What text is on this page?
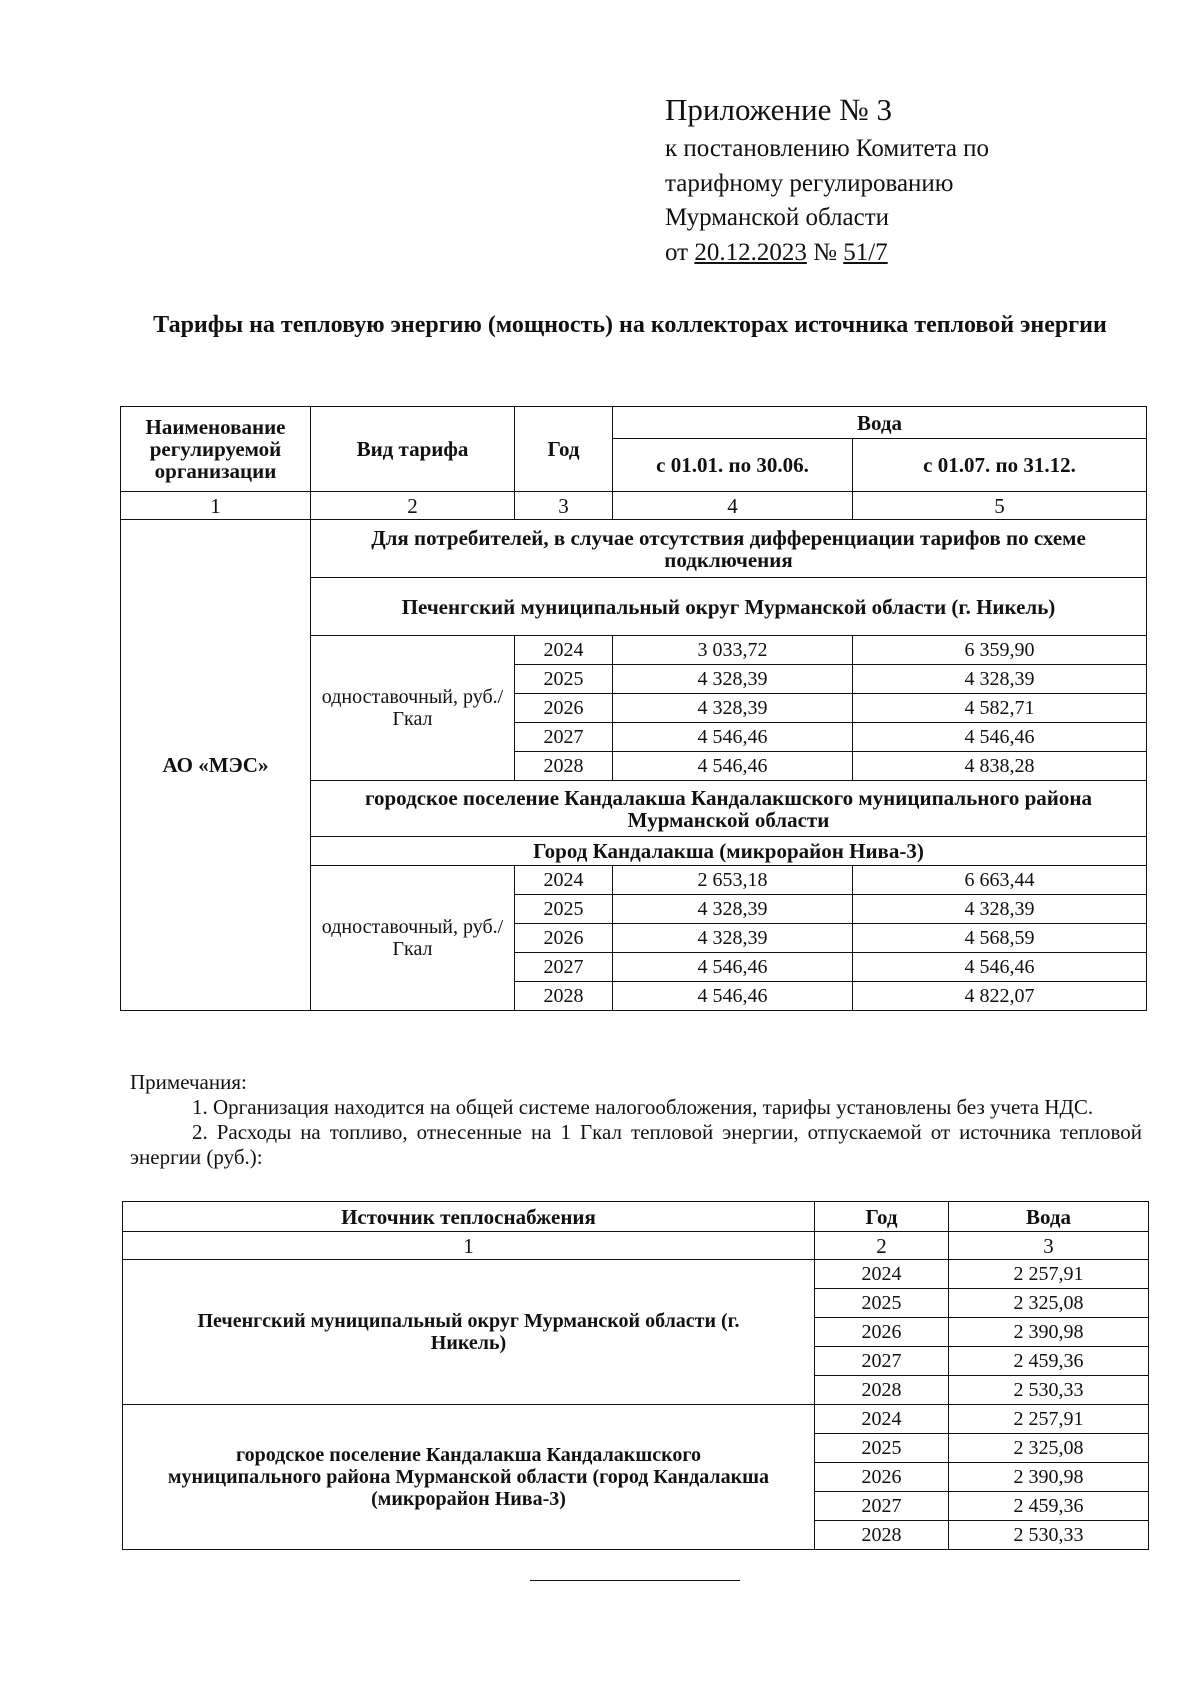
Приложение № 3
к постановлению Комитета по
тарифному регулированию
Мурманской области
от 20.12.2023 № 51/7
Тарифы на тепловую энергию (мощность) на коллекторах источника тепловой энергии
Наименование регулируемой организации	Вид тарифа	Год	Вода	
			с 01.01. по 30.06.	с 01.07. по 31.12.
1	2	3	4	5
АО «МЭС»	Для потребителей, в случае отсутствия дифференциации тарифов по схеме подключения			
	Печенгский муниципальный округ Мурманской области (г. Никель)			
	одноставочный, руб./Гкал	2024	3 033,72	6 359,90
		2025	4 328,39	4 328,39
		2026	4 328,39	4 582,71
		2027	4 546,46	4 546,46
		2028	4 546,46	4 838,28
	городское поселение Кандалакша Кандалакшского муниципального района Мурманской области			
	Город Кандалакша (микрорайон Нива-3)			
	одноставочный, руб./Гкал	2024	2 653,18	6 663,44
		2025	4 328,39	4 328,39
		2026	4 328,39	4 568,59
		2027	4 546,46	4 546,46
		2028	4 546,46	4 822,07

Примечания:

1. Организация находится на общей системе налогообложения, тарифы установлены без учета НДС.

2. Расходы на топливо, отнесенные на 1 Гкал тепловой энергии, отпускаемой от источника тепловой энергии (руб.):

Источник теплоснабжения	Год	Вода
1	2	3
Печенгский муниципальный округ Мурманской области (г. Никель)	2024	2 257,91
	2025	2 325,08
	2026	2 390,98
	2027	2 459,36
	2028	2 530,33
городское поселение Кандалакша Кандалакшского муниципального района Мурманской области (город Кандалакша (микрорайон Нива-3)	2024	2 257,91
	2025	2 325,08
	2026	2 390,98
	2027	2 459,36
	2028	2 530,33
